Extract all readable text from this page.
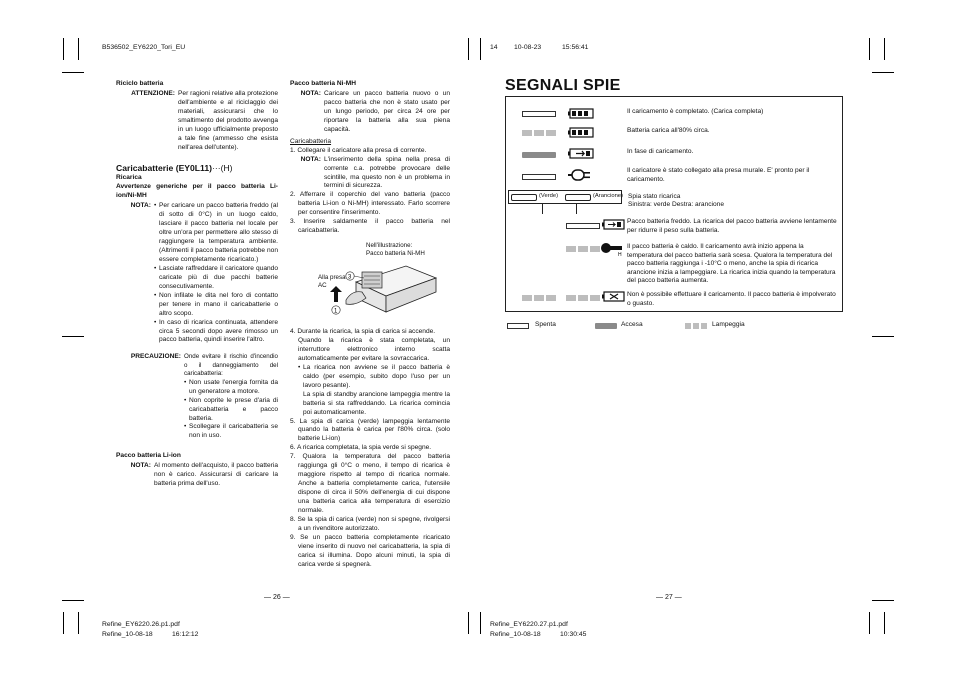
B536502_EY6220_Tori_EU	14 10-08-23	15:56:41
Riciclo batteria
ATTENZIONE: Per ragioni relative alla protezione dell'ambiente e al riciclaggio dei materiali, assicurarsi che lo smaltimento del prodotto avvenga in un luogo ufficialmente preposto a tale fine (ammesso che esista nell'area dell'utente).
Caricabatterie (EY0L11)···(H)
Ricarica
Avvertenze generiche per il pacco batteria Li-ion/Ni-MH
NOTA: • Per caricare un pacco batteria freddo (al di sotto di 0°C) in un luogo caldo, lasciare il pacco batteria nel locale per oltre un'ora per permettere allo stesso di raggiungere la temperatura ambiente. (Altrimenti il pacco batteria potrebbe non essere completamente ricaricato.)
• Lasciate raffreddare il caricatore quando caricate più di due pacchi batterie consecutivamente.
• Non infilate le dita nel foro di contatto per tenere in mano il caricabatterie o altro scopo.
• In caso di ricarica continuata, attendere circa 5 secondi dopo avere rimosso un pacco batteria, quindi inserire l'altro.
PRECAUZIONE: Onde evitare il rischio d'incendio o il danneggiamento del caricabatteria:
• Non usate l'energia fornita da un generatore a motore.
• Non coprite le prese d'aria di caricabatteria e pacco batteria.
• Scollegare il caricabatteria se non in uso.
Pacco batteria Li-ion
NOTA: Al momento dell'acquisto, il pacco batteria non è carico. Assicurarsi di caricare la batteria prima dell'uso.
Pacco batteria Ni-MH
NOTA: Caricare un pacco batteria nuovo o un pacco batteria che non è stato usato per un lungo periodo, per circa 24 ore per riportare la batteria alla sua piena capacità.
Caricabatteria
1. Collegare il caricatore alla presa di corrente.
NOTA: L'inserimento della spina nella presa di corrente c.a. potrebbe provocare delle scintille, ma questo non è un problema in termini di sicurezza.
2. Afferrare il coperchio del vano batteria (pacco batteria Li-ion o Ni-MH) interessato. Farlo scorrere per consentire l'inserimento.
3. Inserire saldamente il pacco batteria nel caricabatteria.
Nell'illustrazione:
Pacco batteria Ni-MH
Alla presa
AC
1
3
4. Durante la ricarica, la spia di carica si accende.
Quando la ricarica è stata completata, un interruttore elettronico interno scatta automaticamente per evitare la sovraccarica.
• La ricarica non avviene se il pacco batteria è caldo (per esempio, subito dopo l'uso per un lavoro pesante).
La spia di standby arancione lampeggia mentre la batteria si sta raffreddando. La ricarica comincia poi automaticamente.
5. La spia di carica (verde) lampeggia lentamente quando la batteria è carica per l'80% circa. (solo batterie Li-ion)
6. A ricarica completata, la spia verde si spegne.
7. Qualora la temperatura del pacco batteria raggiunga gli 0°C o meno, il tempo di ricarica è maggiore rispetto al tempo di ricarica normale. Anche a batteria completamente carica, l'utensile dispone di circa il 50% dell'energia di cui dispone una batteria carica alla temperatura di esercizio normale.
8. Se la spia di carica (verde) non si spegne, rivolgersi a un rivenditore autorizzato.
9. Se un pacco batteria completamente ricaricato viene inserito di nuovo nel caricabatteria, la spia di carica si illumina. Dopo alcuni minuti, la spia di carica verde si spegnerà.
SEGNALI SPIE
Il caricamento è completato. (Carica completa)
Batteria carica all'80% circa.
In fase di caricamento.
Il caricatore è stato collegato alla presa murale. E' pronto per il caricamento.
(Verde)	(Arancione) Spia stato ricarica
Sinistra: verde Destra: arancione
Pacco batteria freddo. La ricarica del pacco batteria avviene lentamente per ridurre il peso sulla batteria.
H
Il pacco batteria è caldo. Il caricamento avrà inizio appena la temperatura del pacco batteria sarà scesa. Qualora la temperatura del pacco batteria raggiunga i -10°C o meno, anche la spia di ricarica arancione inizia a lampeggiare. La ricarica inizia quando la temperatura del pacco batteria aumenta.
Non è possibile effettuare il caricamento. Il pacco batteria è impolverato o guasto.
Spenta	Accesa	Lampeggia
— 26 —	— 27 —
Refine_EY6220.26.p1.pdf
Refine_10-08-18	16:12:12
Refine_EY6220.27.p1.pdf
Refine_10-08-18	10:30:45
